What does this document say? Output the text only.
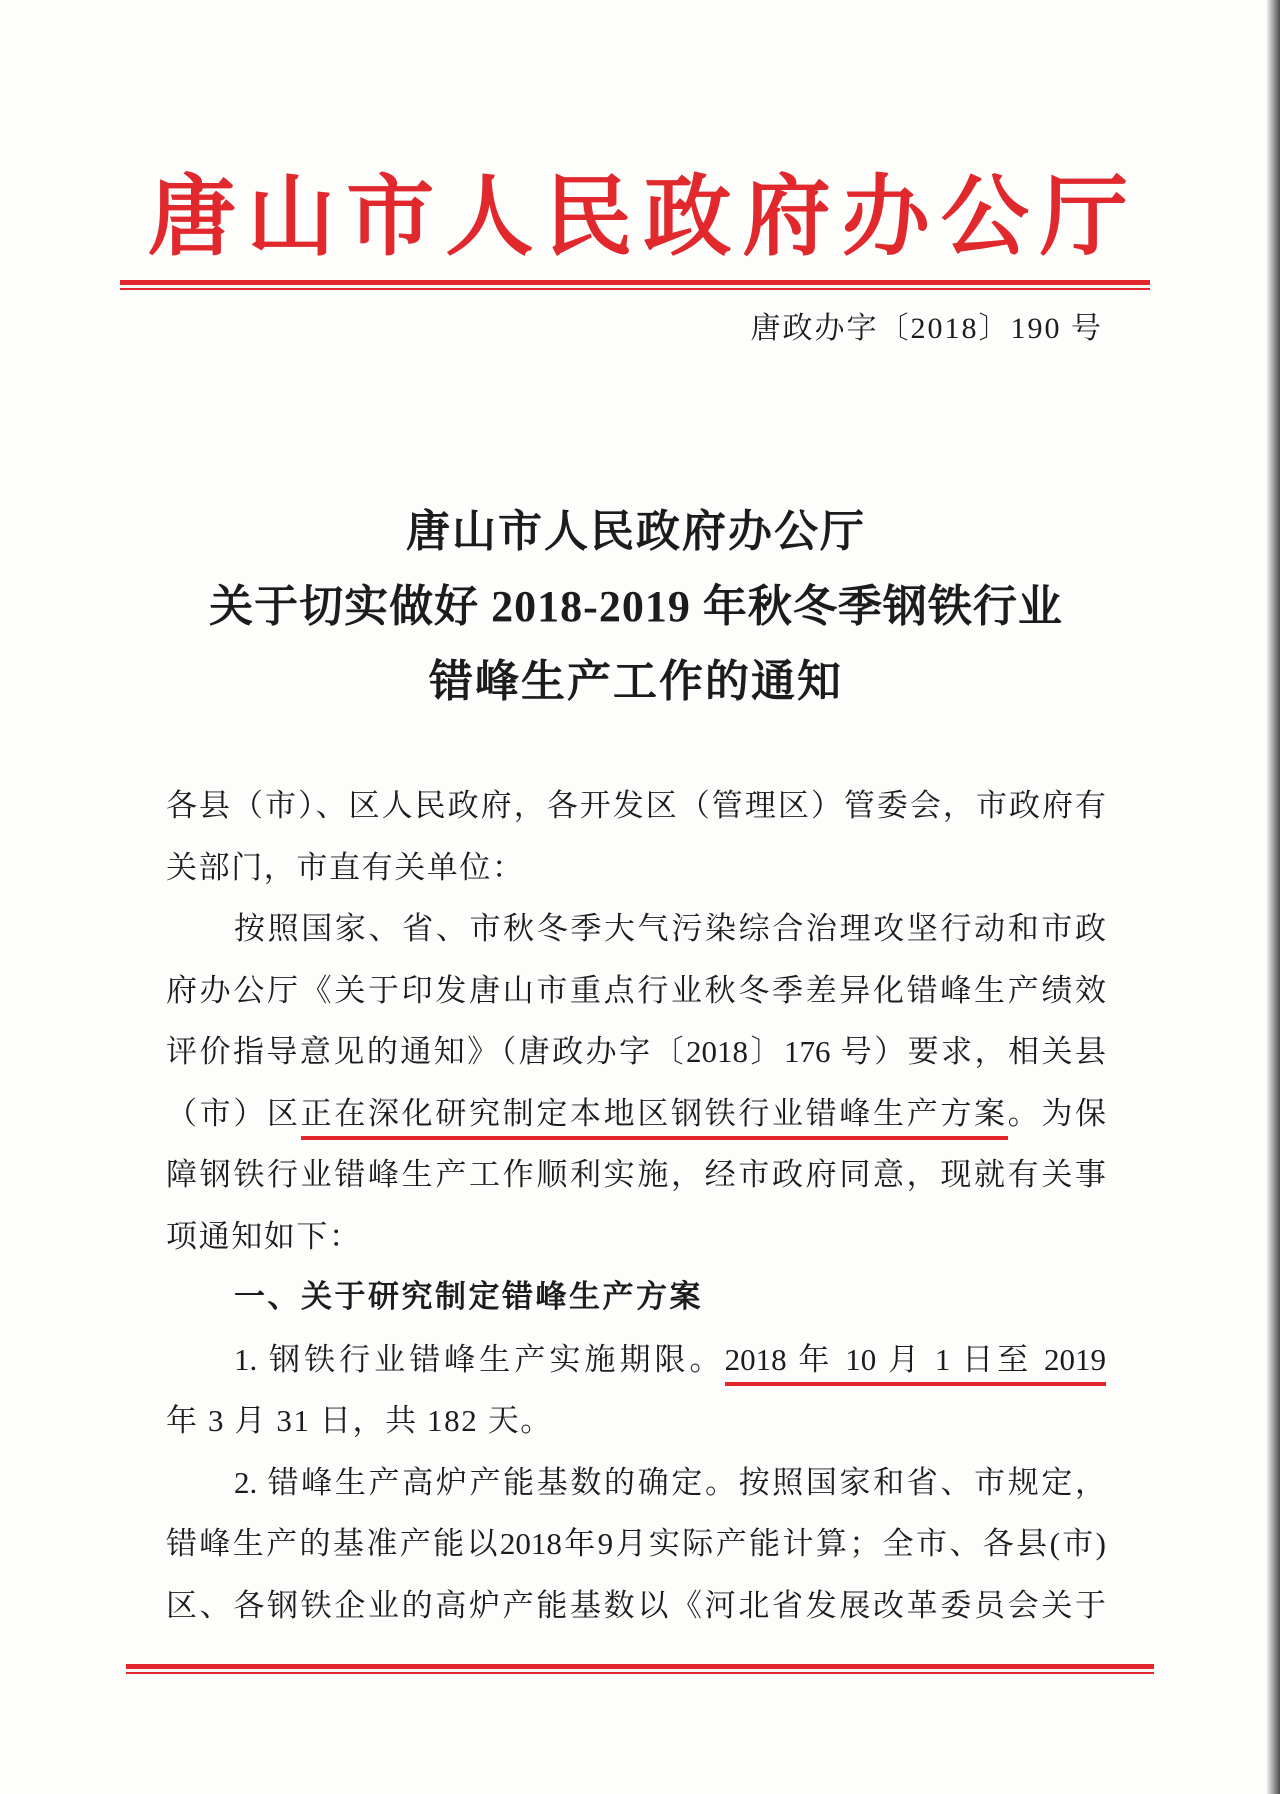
唐山市人民政府办公厅
唐政办字〔2018〕190 号
唐山市人民政府办公厅
关于切实做好 2018-2019 年秋冬季钢铁行业
错峰生产工作的通知
各县（市）、区人民政府，各开发区（管理区）管委会，市政府有
关部门，市直有关单位：
按照国家、省、市秋冬季大气污染综合治理攻坚行动和市政
府办公厅《关于印发唐山市重点行业秋冬季差异化错峰生产绩效
评价指导意见的通知》（唐政办字〔2018〕176 号）要求，相关县
（市）区正在深化研究制定本地区钢铁行业错峰生产方案。为保
障钢铁行业错峰生产工作顺利实施，经市政府同意，现就有关事
项通知如下：
一、关于研究制定错峰生产方案
1. 钢铁行业错峰生产实施期限。2018 年 10 月 1 日至 2019
年 3 月 31 日，共 182 天。
2. 错峰生产高炉产能基数的确定。按照国家和省、市规定，
错峰生产的基准产能以2018年9月实际产能计算；全市、各县(市)
区、各钢铁企业的高炉产能基数以《河北省发展改革委员会关于
